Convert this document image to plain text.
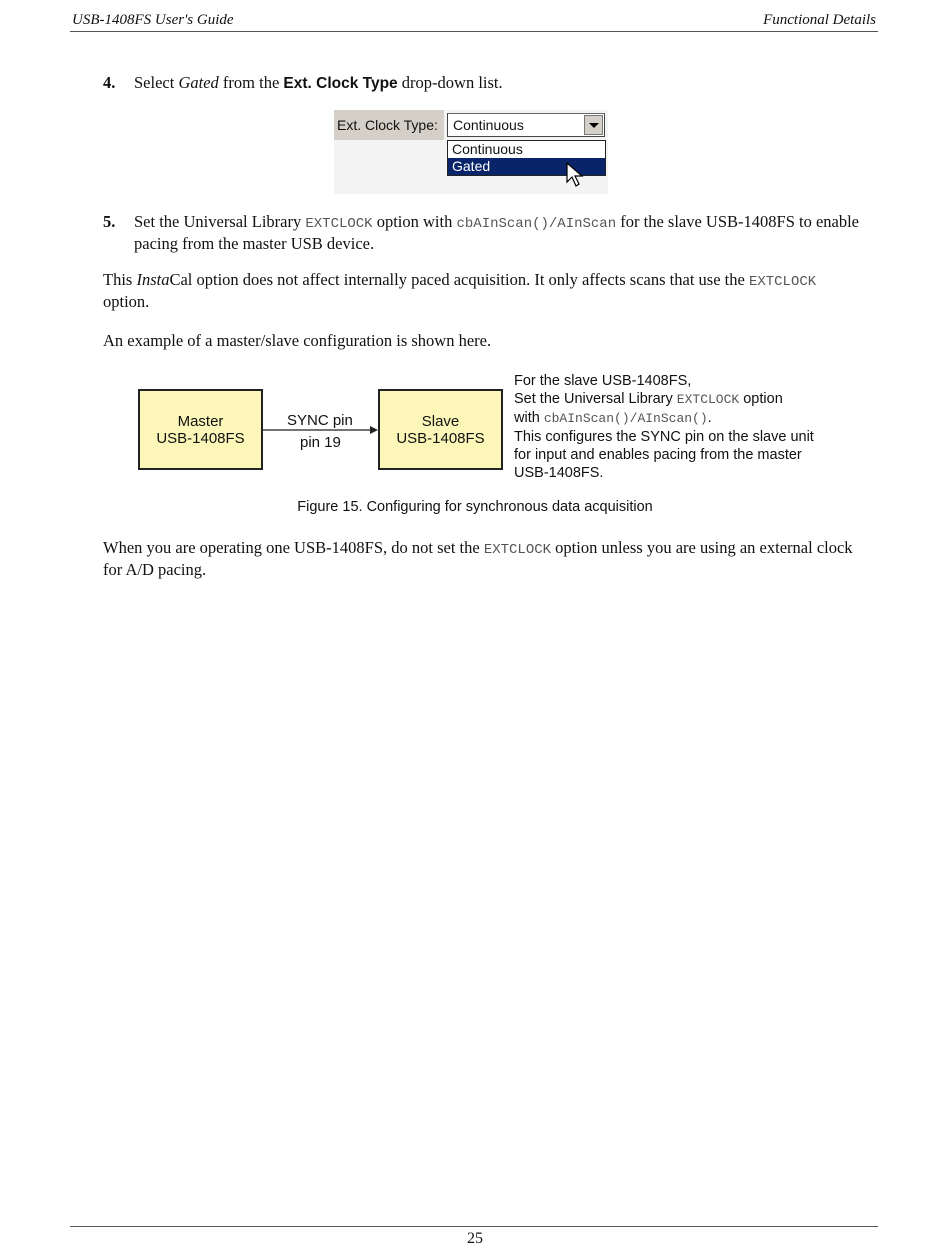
USB-1408FS User's Guide	Functional Details
4. Select Gated from the Ext. Clock Type drop-down list.
Ext. Clock Type:	Continuous
Continuous
Gated
5. Set the Universal Library EXTCLOCK option with cbAInScan()/AInScan for the slave USB-1408FS to enable pacing from the master USB device.
This InstaCal option does not affect internally paced acquisition. It only affects scans that use the EXTCLOCK option.
An example of a master/slave configuration is shown here.
Master
USB-1408FS
Slave
USB-1408FS
SYNC pin
pin 19
For the slave USB-1408FS,
Set the Universal Library EXTCLOCK option
with cbAInScan()/AInScan().
This configures the SYNC pin on the slave unit for input and enables pacing from the master USB-1408FS.
Figure 15. Configuring for synchronous data acquisition
When you are operating one USB-1408FS, do not set the EXTCLOCK option unless you are using an external clock for A/D pacing.
25
